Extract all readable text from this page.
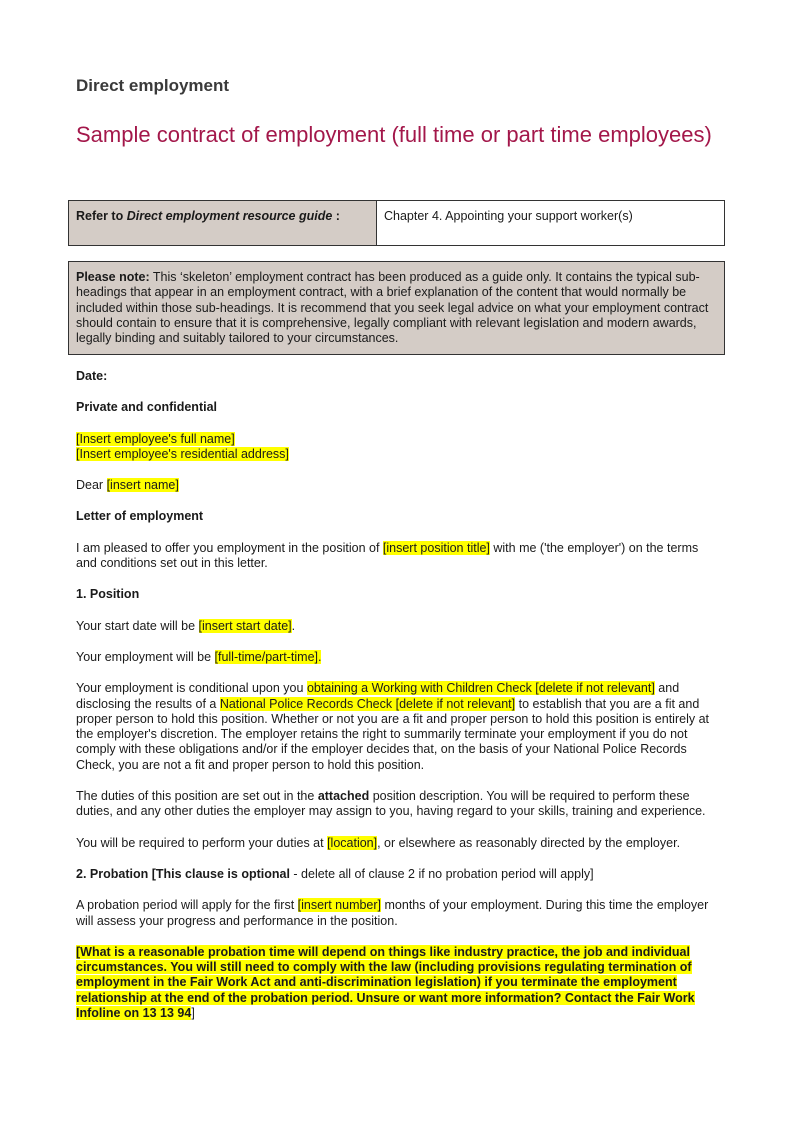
Direct employment
Sample contract of employment (full time or part time employees)
Refer to Direct employment resource guide :	Chapter 4. Appointing your support worker(s)
Please note: This ‘skeleton’ employment contract has been produced as a guide only. It contains the typical sub-headings that appear in an employment contract, with a brief explanation of the content that would normally be included within those sub-headings. It is recommend that you seek legal advice on what your employment contract should contain to ensure that it is comprehensive, legally compliant with relevant legislation and modern awards, legally binding and suitably tailored to your circumstances.

Date:

Private and confidential

[Insert employee's full name]
[Insert employee's residential address]

Dear [insert name]

Letter of employment

I am pleased to offer you employment in the position of [insert position title] with me ('the employer') on the terms and conditions set out in this letter.

1. Position

Your start date will be [insert start date].

Your employment will be [full-time/part-time].

Your employment is conditional upon you obtaining a Working with Children Check [delete if not relevant] and disclosing the results of a National Police Records Check [delete if not relevant] to establish that you are a fit and proper person to hold this position. Whether or not you are a fit and proper person to hold this position is entirely at the employer's discretion. The employer retains the right to summarily terminate your employment if you do not comply with these obligations and/or if the employer decides that, on the basis of your National Police Records Check, you are not a fit and proper person to hold this position.

The duties of this position are set out in the attached position description. You will be required to perform these duties, and any other duties the employer may assign to you, having regard to your skills, training and experience.

You will be required to perform your duties at [location], or elsewhere as reasonably directed by the employer.

2. Probation [This clause is optional - delete all of clause 2 if no probation period will apply]

A probation period will apply for the first [insert number] months of your employment. During this time the employer will assess your progress and performance in the position.

[What is a reasonable probation time will depend on things like industry practice, the job and individual circumstances. You will still need to comply with the law (including provisions regulating termination of employment in the Fair Work Act and anti-discrimination legislation) if you terminate the employment relationship at the end of the probation period. Unsure or want more information? Contact the Fair Work Infoline on 13 13 94]
